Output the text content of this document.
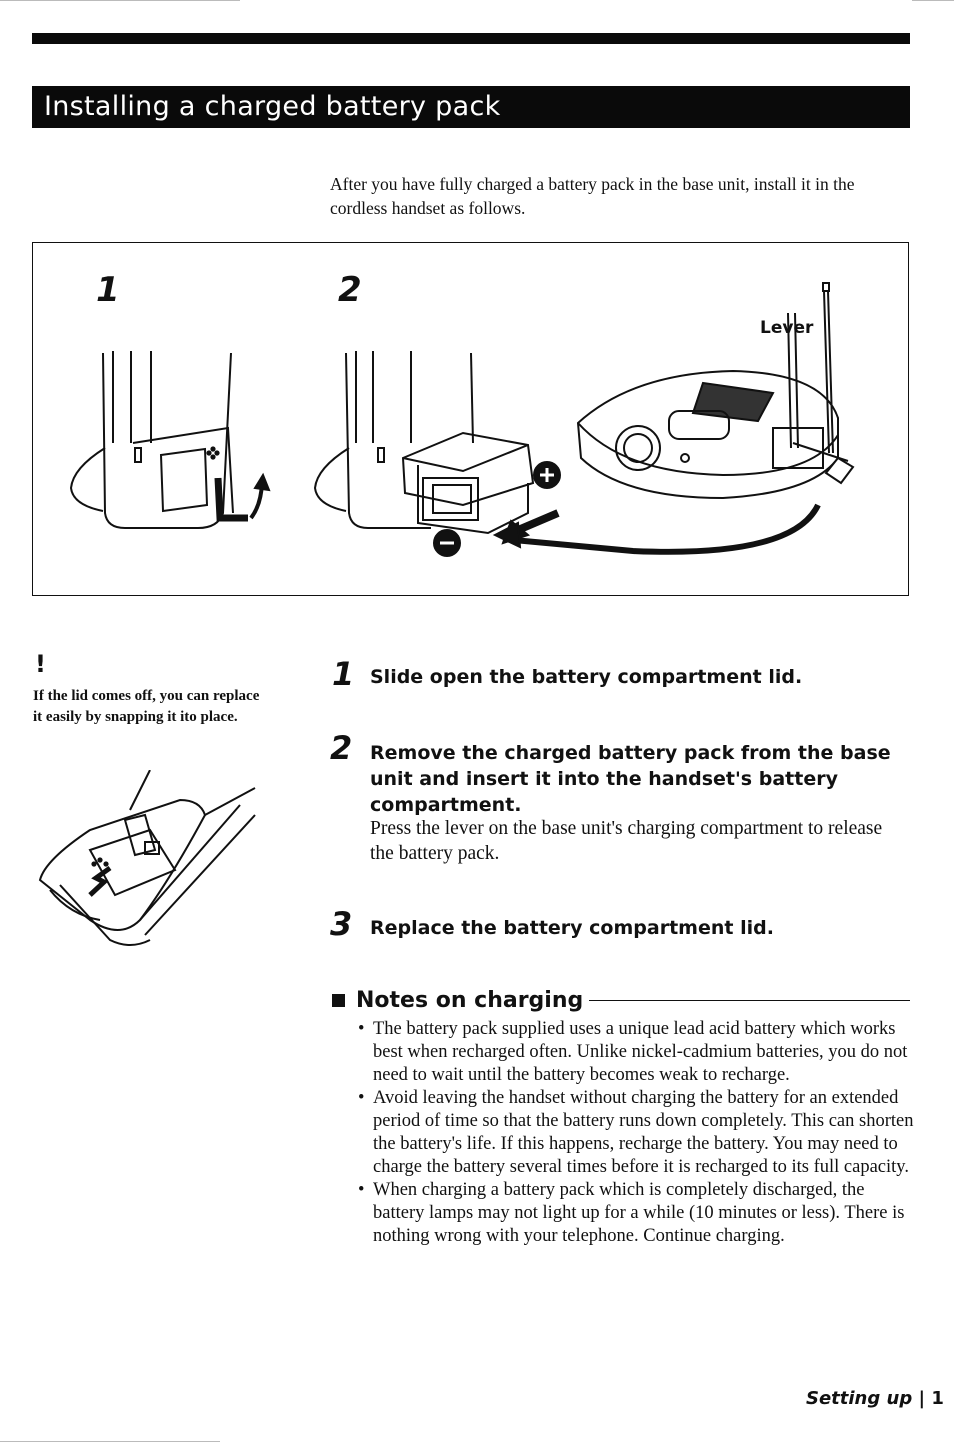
Installing a charged battery pack
After you have fully charged a battery pack in the base unit, install it in the cordless handset as follows.
1	2
Lever
!
If the lid comes off, you can replace it easily by snapping it ito place.
1 Slide open the battery compartment lid.
2 Remove the charged battery pack from the base unit and insert it into the handset's battery compartment.
Press the lever on the base unit's charging compartment to release the battery pack.
3 Replace the battery compartment lid.
Notes on charging
• The battery pack supplied uses a unique lead acid battery which works best when recharged often. Unlike nickel-cadmium batteries, you do not need to wait until the battery becomes weak to recharge.
• Avoid leaving the handset without charging the battery for an extended period of time so that the battery runs down completely. This can shorten the battery's life. If this happens, recharge the battery. You may need to charge the battery several times before it is recharged to its full capacity.
• When charging a battery pack which is completely discharged, the battery lamps may not light up for a while (10 minutes or less). There is nothing wrong with your telephone. Continue charging.
Setting up | 1
